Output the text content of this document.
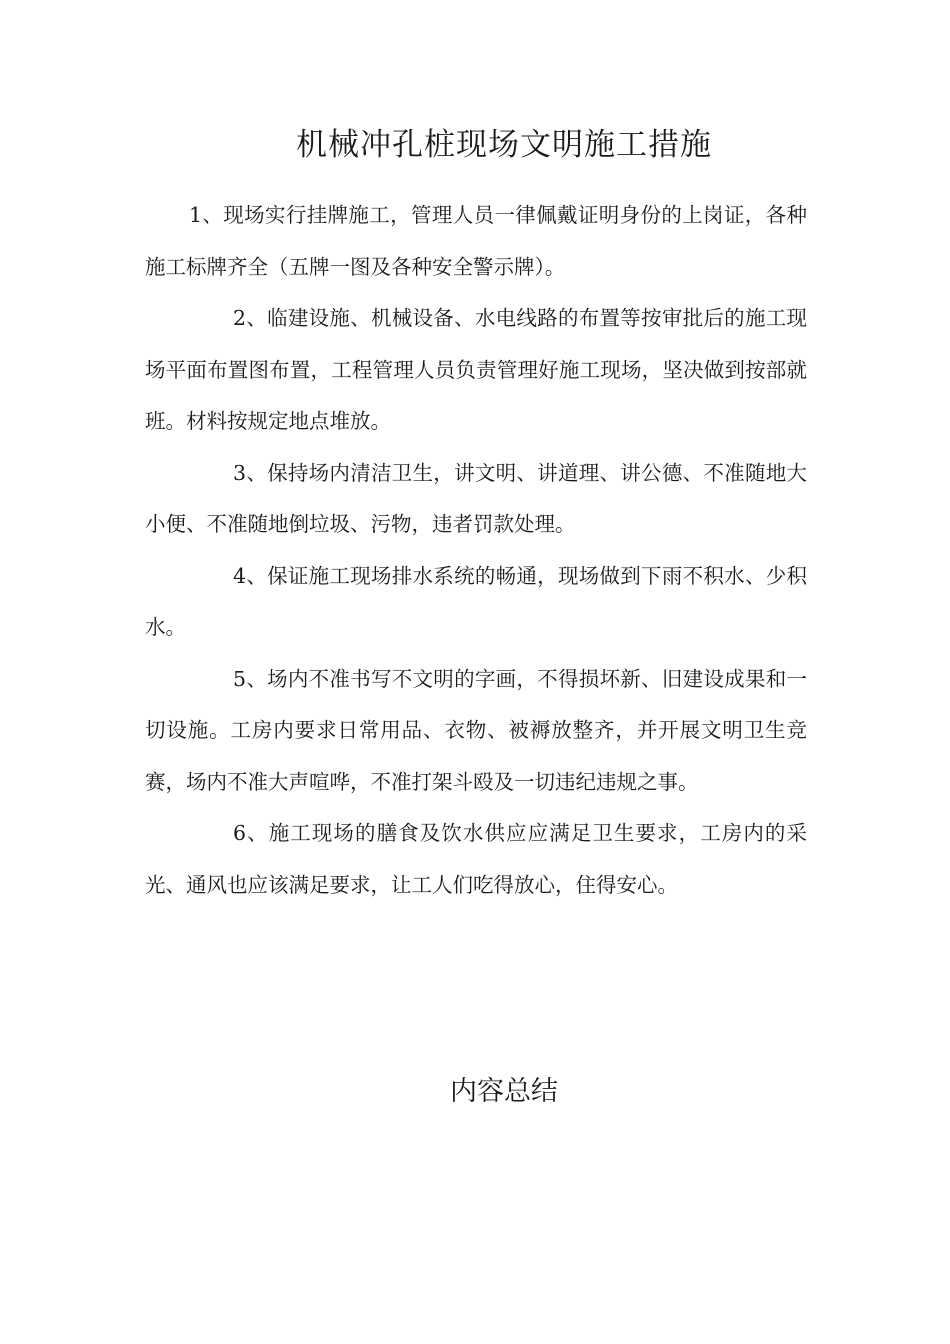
机械冲孔桩现场文明施工措施

1、现场实行挂牌施工，管理人员一律佩戴证明身份的上岗证，各种施工标牌齐全（五牌一图及各种安全警示牌）。

2、临建设施、机械设备、水电线路的布置等按审批后的施工现场平面布置图布置，工程管理人员负责管理好施工现场，坚决做到按部就班。材料按规定地点堆放。

3、保持场内清洁卫生，讲文明、讲道理、讲公德、不准随地大小便、不准随地倒垃圾、污物，违者罚款处理。

4、保证施工现场排水系统的畅通，现场做到下雨不积水、少积水。

5、场内不准书写不文明的字画，不得损坏新、旧建设成果和一切设施。工房内要求日常用品、衣物、被褥放整齐，并开展文明卫生竞赛，场内不准大声喧哗，不准打架斗殴及一切违纪违规之事。

6、施工现场的膳食及饮水供应应满足卫生要求，工房内的采光、通风也应该满足要求，让工人们吃得放心，住得安心。

内容总结
